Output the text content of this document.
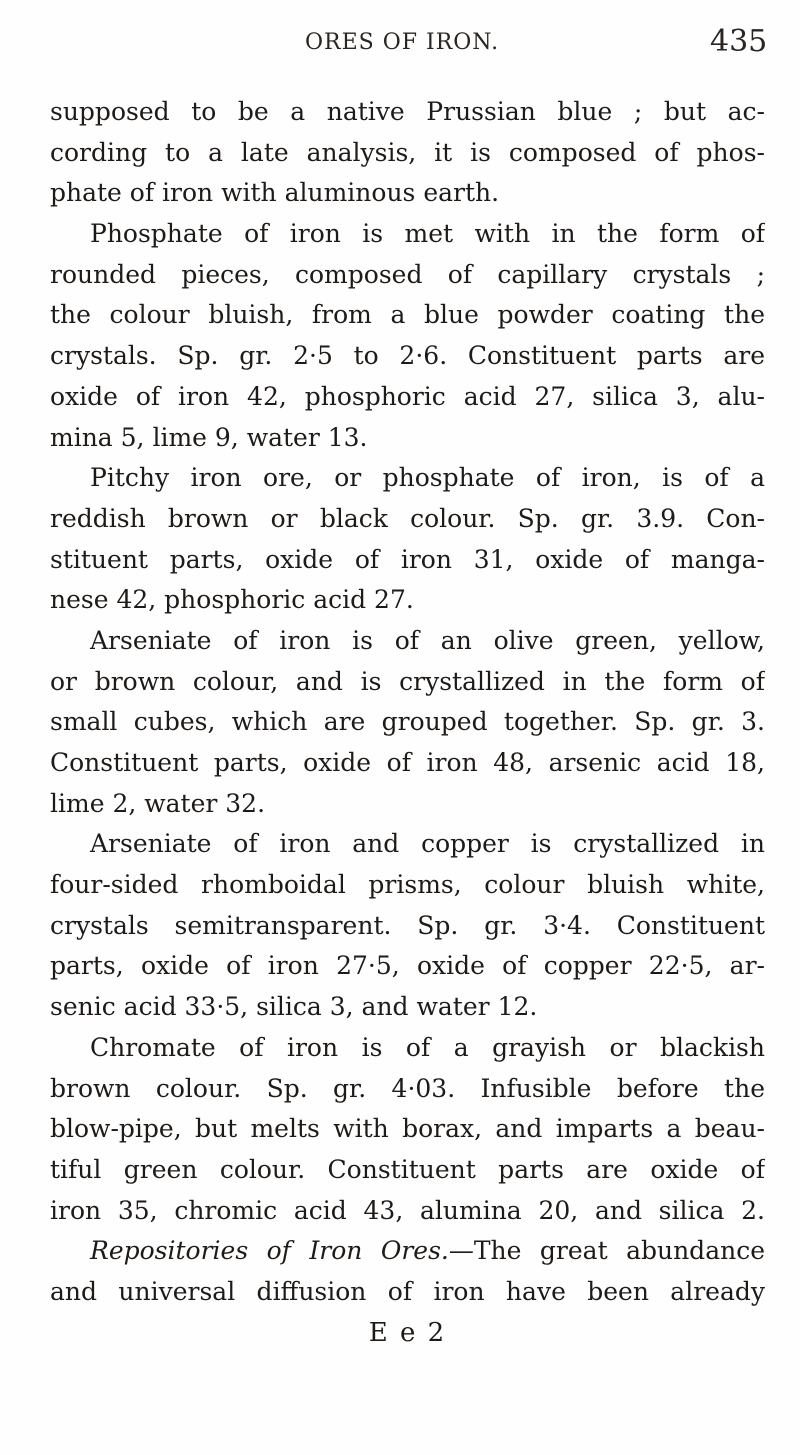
ORES OF IRON.	435
supposed to be a native Prussian blue ; but ac-
cording to a late analysis, it is composed of phos-
phate of iron with aluminous earth.
Phosphate of iron is met with in the form of
rounded pieces, composed of capillary crystals ;
the colour bluish, from a blue powder coating the
crystals. Sp. gr. 2·5 to 2·6. Constituent parts are
oxide of iron 42, phosphoric acid 27, silica 3, alu-
mina 5, lime 9, water 13.
Pitchy iron ore, or phosphate of iron, is of a
reddish brown or black colour. Sp. gr. 3.9. Con-
stituent parts, oxide of iron 31, oxide of manga-
nese 42, phosphoric acid 27.
Arseniate of iron is of an olive green, yellow,
or brown colour, and is crystallized in the form of
small cubes, which are grouped together. Sp. gr. 3.
Constituent parts, oxide of iron 48, arsenic acid 18,
lime 2, water 32.
Arseniate of iron and copper is crystallized in
four-sided rhomboidal prisms, colour bluish white,
crystals semitransparent. Sp. gr. 3·4. Constituent
parts, oxide of iron 27·5, oxide of copper 22·5, ar-
senic acid 33·5, silica 3, and water 12.
Chromate of iron is of a grayish or blackish
brown colour. Sp. gr. 4·03. Infusible before the
blow-pipe, but melts with borax, and imparts a beau-
tiful green colour. Constituent parts are oxide of
iron 35, chromic acid 43, alumina 20, and silica 2.
Repositories of Iron Ores.—The great abundance
and universal diffusion of iron have been already
E e 2
